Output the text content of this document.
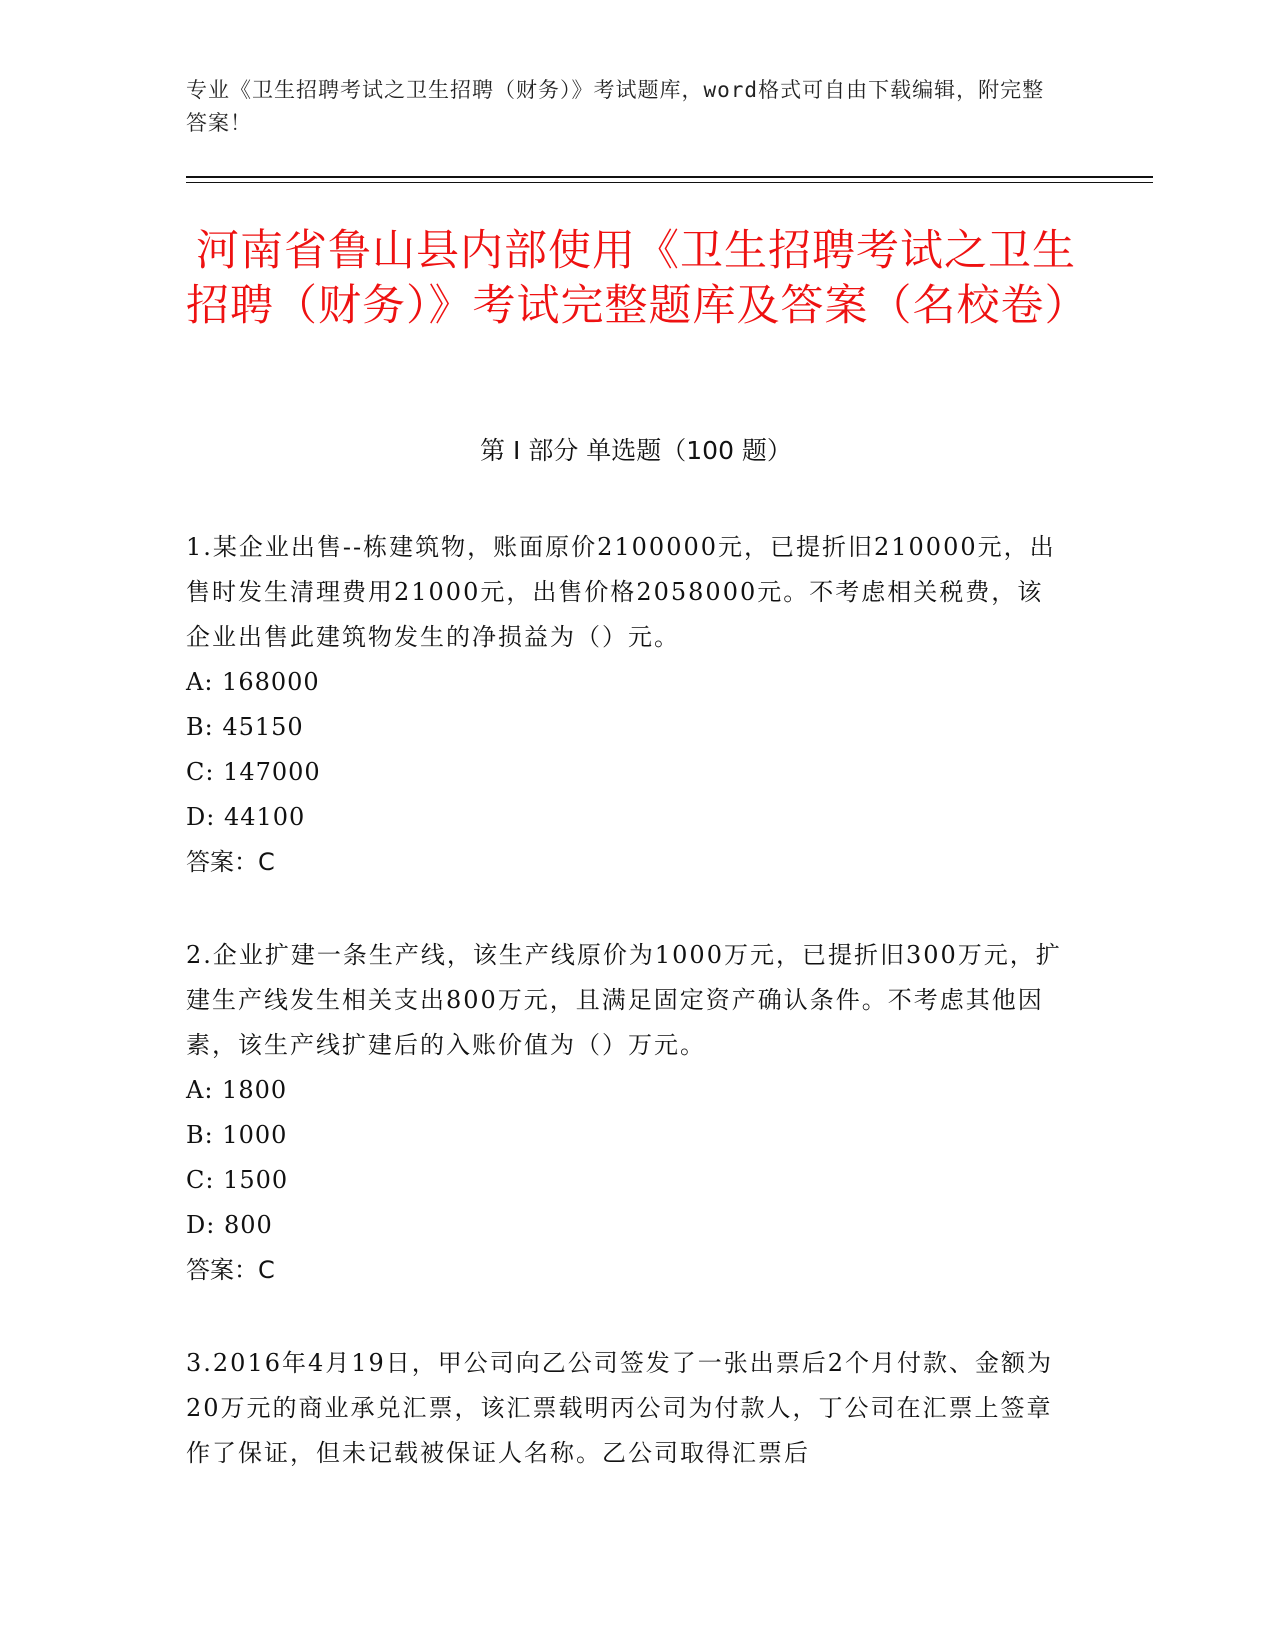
专业《卫生招聘考试之卫生招聘（财务）》考试题库，word格式可自由下载编辑，附完整答案！
河南省鲁山县内部使用《卫生招聘考试之卫生招聘（财务）》考试完整题库及答案（名校卷）
第 I 部分 单选题（100 题）

1.某企业出售--栋建筑物，账面原价2100000元，已提折旧210000元，出售时发生清理费用21000元，出售价格2058000元。不考虑相关税费，该企业出售此建筑物发生的净损益为（）元。

A: 168000

B: 45150

C: 147000

D: 44100

答案：C

2.企业扩建一条生产线，该生产线原价为1000万元，已提折旧300万元，扩建生产线发生相关支出800万元，且满足固定资产确认条件。不考虑其他因素，该生产线扩建后的入账价值为（）万元。

A: 1800

B: 1000

C: 1500

D: 800

答案：C

3.2016年4月19日，甲公司向乙公司签发了一张出票后2个月付款、金额为20万元的商业承兑汇票，该汇票载明丙公司为付款人，丁公司在汇票上签章作了保证，但未记载被保证人名称。乙公司取得汇票后
